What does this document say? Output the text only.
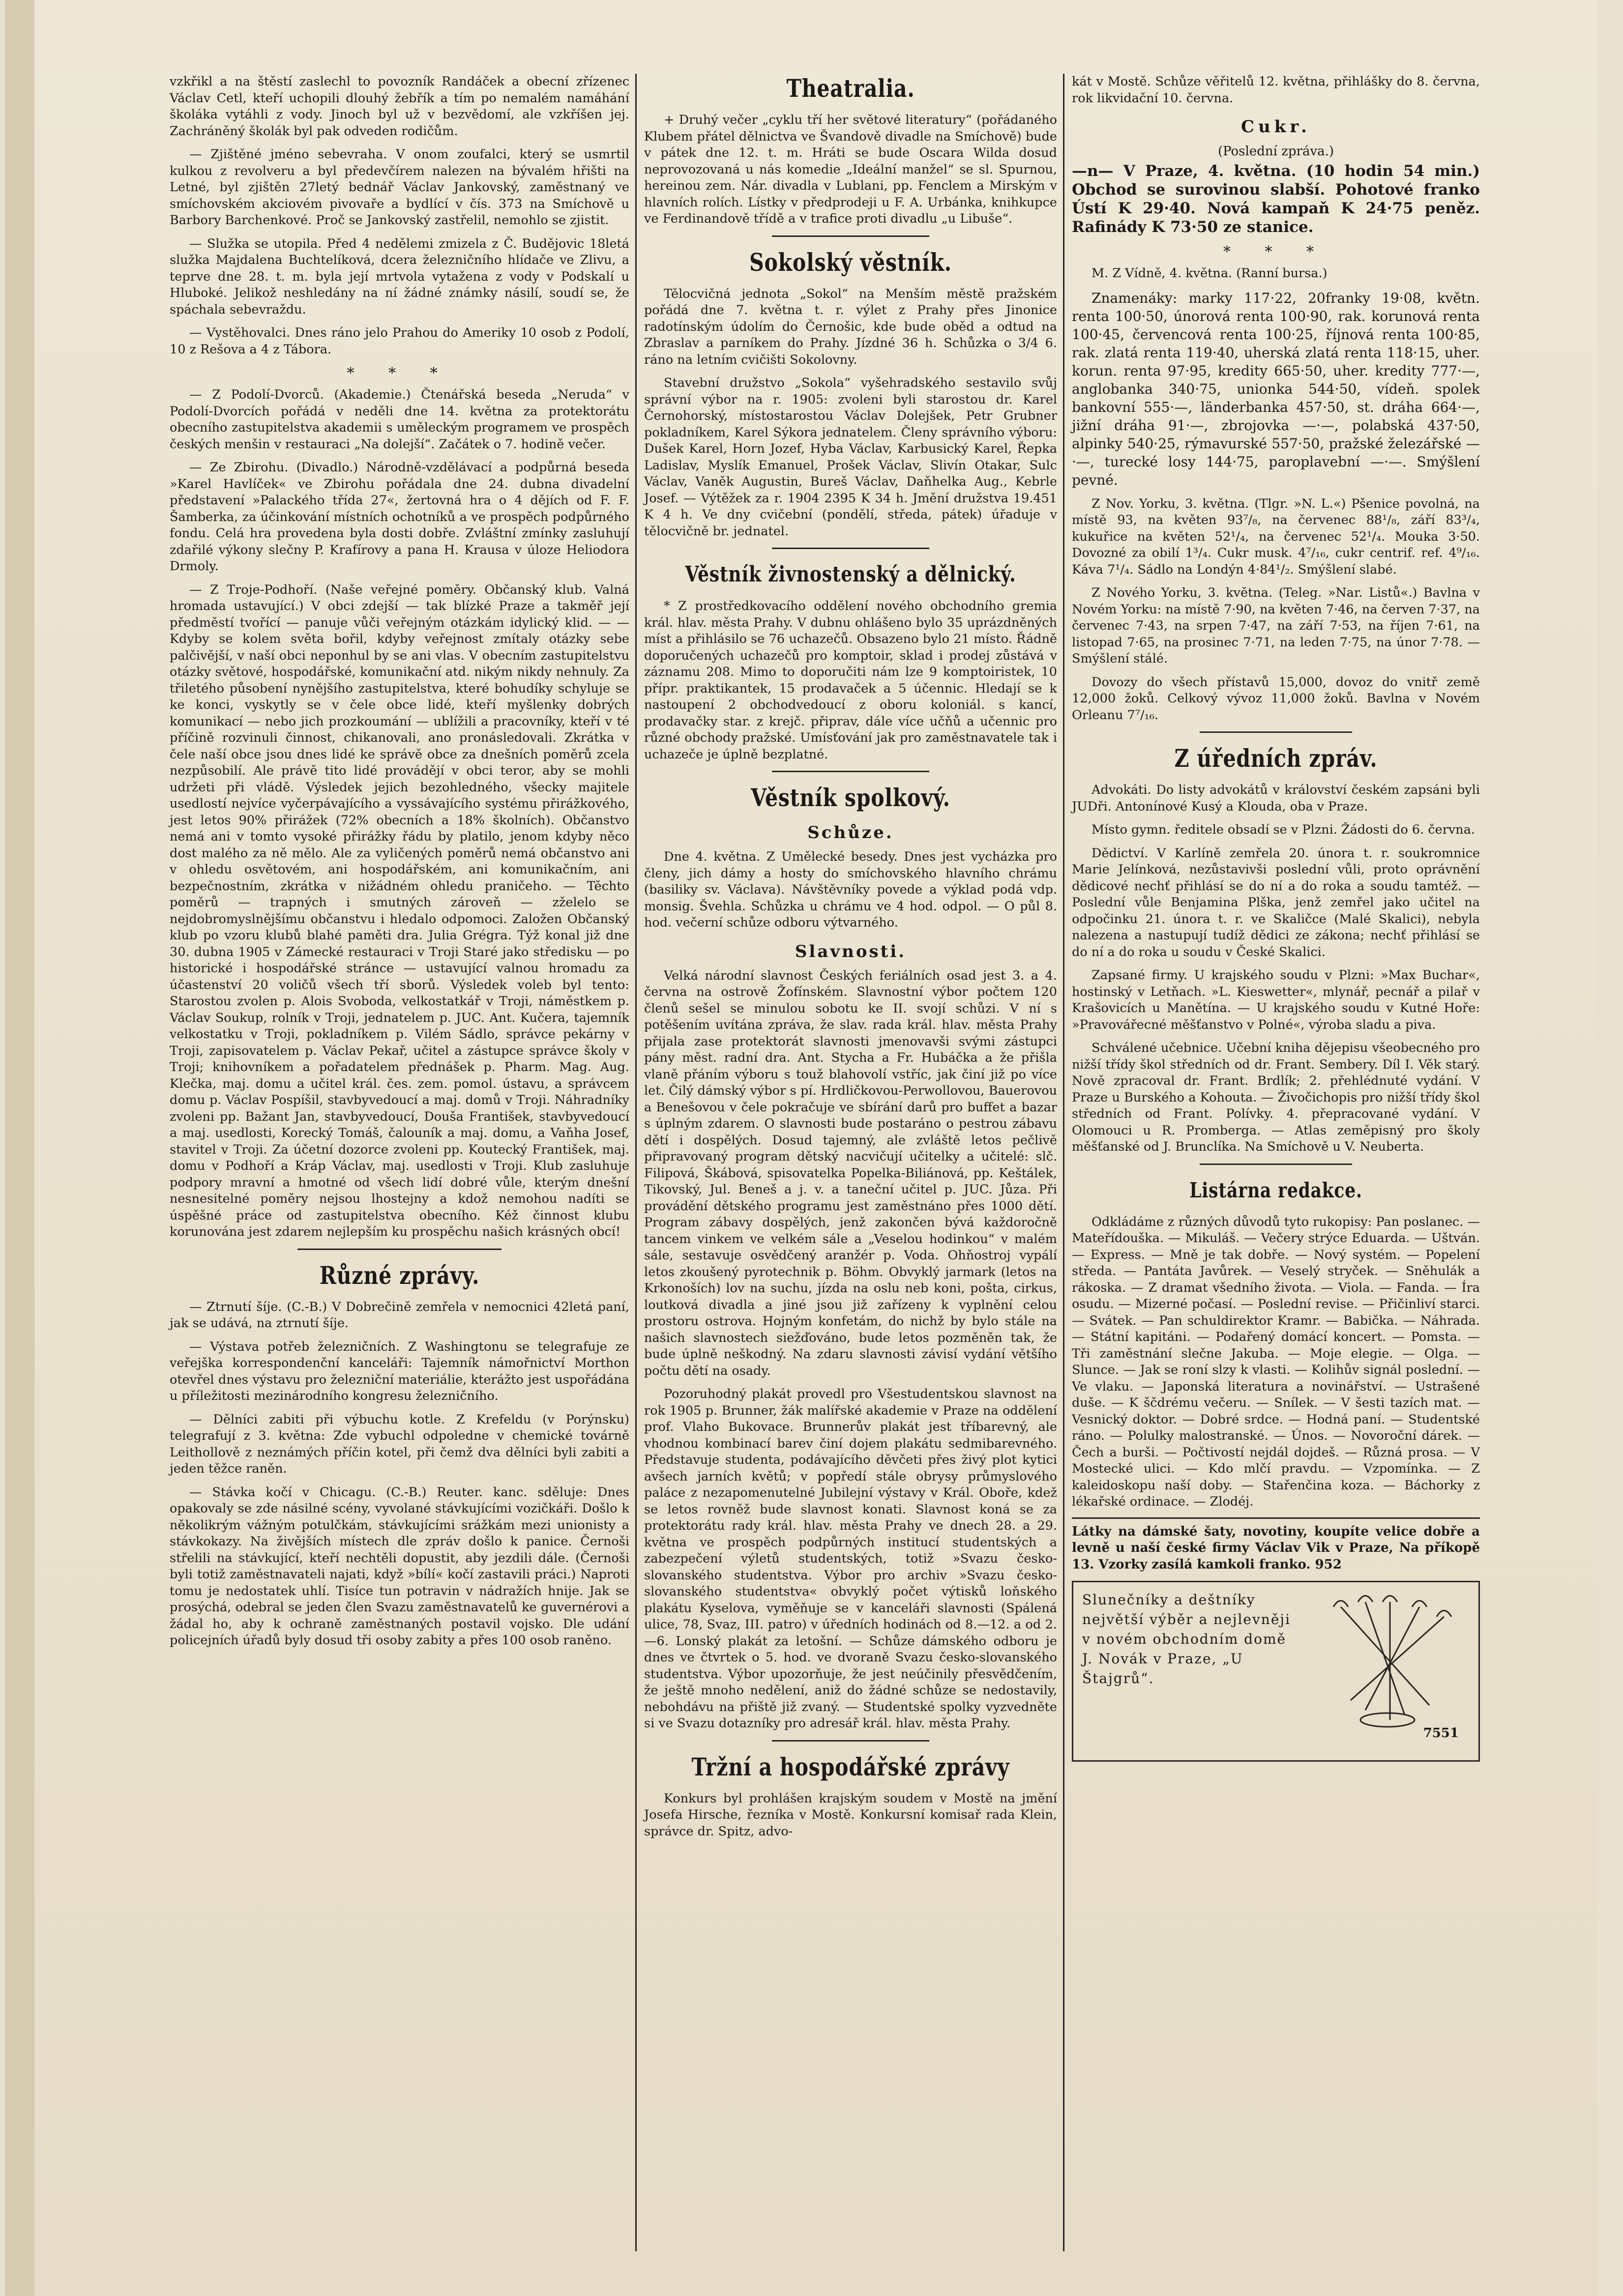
vzkřikl a na štěstí zaslechl to povozník Randáček a obecní zřízenec Václav Cetl, kteří uchopili dlouhý žebřík a tím po nemalém namáhání školáka vytáhli z vody. Jinoch byl už v bezvědomí, ale vzkříšen jej. Zachráněný školák byl pak odveden rodičům.

— Zjištěné jméno sebevraha. V onom zoufalci, který se usmrtil kulkou z revolveru a byl předevčírem nalezen na bývalém hřišti na Letné, byl zjištěn 27letý bednář Václav Jankovský, zaměstnaný ve smíchovském akciovém pivovaře a bydlící v čís. 373 na Smíchově u Barbory Barchenkové. Proč se Jankovský zastřelil, nemohlo se zjistit.

— Služka se utopila. Před 4 nedělemi zmizela z Č. Budějovic 18letá služka Majdalena Buchtelíková, dcera železničního hlídače ve Zlivu, a teprve dne 28. t. m. byla její mrtvola vytažena z vody v Podskalí u Hluboké. Jelikož neshledány na ní žádné známky násilí, soudí se, že spáchala sebevraždu.

— Vystěhovalci. Dnes ráno jelo Prahou do Ameriky 10 osob z Podolí, 10 z Rešova a 4 z Tábora.

* * *

— Z Podolí-Dvorců. (Akademie.) Čtenářská beseda „Neruda“ v Podolí-Dvorcích pořádá v neděli dne 14. května za protektorátu obecního zastupitelstva akademii s uměleckým programem ve prospěch českých menšin v restauraci „Na dolejší“. Začátek o 7. hodině večer.

— Ze Zbirohu. (Divadlo.) Národně-vzdělávací a podpůrná beseda »Karel Havlíček« ve Zbirohu pořádala dne 24. dubna divadelní představení »Palackého třída 27«, žertovná hra o 4 dějích od F. F. Šamberka, za účinkování místních ochotníků a ve prospěch podpůrného fondu. Celá hra provedena byla dosti dobře. Zvláštní zmínky zasluhují zdařilé výkony slečny P. Krafírovy a pana H. Krausa v úloze Heliodora Drmoly.

— Z Troje-Podhoří. (Naše veřejné poměry. Občanský klub. Valná hromada ustavující.) V obci zdejší — tak blízké Praze a takměř její předměstí tvořící — panuje vůči veřejným otázkám idylický klid. — — Kdyby se kolem světa bořil, kdyby veřejnost zmítaly otázky sebe palčivější, v naší obci neponhul by se ani vlas. V obecním zastupitelstvu otázky světové, hospodářské, komunikační atd. nikým nikdy nehnuly. Za třiletého působení nynějšího zastupitelstva, které bohudíky schyluje se ke konci, vyskytly se v čele obce lidé, kteří myšlenky dobrých komunikací — nebo jich prozkoumání — ublížili a pracovníky, kteří v té příčině rozvinuli činnost, chikanovali, ano pronásledovali. Zkrátka v čele naší obce jsou dnes lidé ke správě obce za dnešních poměrů zcela nezpůsobilí. Ale právě tito lidé provádějí v obci teror, aby se mohli udržeti při vládě. Výsledek jejich bezohledného, všecky majitele usedlostí nejvíce vyčerpávajícího a vyssávajícího systému přirážkového, jest letos 90% přirážek (72% obecních a 18% školních). Občanstvo nemá ani v tomto vysoké přirážky řádu by platilo, jenom kdyby něco dost malého za ně mělo. Ale za vyličených poměrů nemá občanstvo ani v ohledu osvětovém, ani hospodářském, ani komunikačním, ani bezpečnostním, zkrátka v nižádném ohledu praničeho. — Těchto poměrů — trapných i smutných zároveň — zželelo se nejdobromyslnějšímu občanstvu i hledalo odpomoci. Založen Občanský klub po vzoru klubů blahé paměti dra. Julia Grégra. Týž konal již dne 30. dubna 1905 v Zámecké restauraci v Troji Staré jako středisku — po historické i hospodářské stránce — ustavující valnou hromadu za účastenství 20 voličů všech tří sborů. Výsledek voleb byl tento: Starostou zvolen p. Alois Svoboda, velkostatkář v Troji, náměstkem p. Václav Soukup, rolník v Troji, jednatelem p. JUC. Ant. Kučera, tajemník velkostatku v Troji, pokladníkem p. Vilém Sádlo, správce pekárny v Troji, zapisovatelem p. Václav Pekař, učitel a zástupce správce školy v Troji; knihovníkem a pořadatelem přednášek p. Pharm. Mag. Aug. Klečka, maj. domu a učitel král. čes. zem. pomol. ústavu, a správcem domu p. Václav Pospíšil, stavbyvedoucí a maj. domů v Troji. Náhradníky zvoleni pp. Bažant Jan, stavbyvedoucí, Douša František, stavbyvedoucí a maj. usedlosti, Korecký Tomáš, čalouník a maj. domu, a Vaňha Josef, stavitel v Troji. Za účetní dozorce zvoleni pp. Koutecký František, maj. domu v Podhoří a Kráp Václav, maj. usedlosti v Troji. Klub zasluhuje podpory mravní a hmotné od všech lidí dobré vůle, kterým dnešní nesnesitelné poměry nejsou lhostejny a kdož nemohou nadíti se úspěšné práce od zastupitelstva obecního. Kéž činnost klubu korunována jest zdarem nejlepším ku prospěchu našich krásných obcí!

Různé zprávy.

— Ztrnutí šíje. (C.-B.) V Dobrečině zemřela v nemocnici 42letá paní, jak se udává, na ztrnutí šíje.

— Výstava potřeb železničních. Z Washingtonu se telegrafuje ze veřejška korrespondenční kanceláři: Tajemník námořnictví Morthon otevřel dnes výstavu pro železniční materiálie, kterážto jest uspořádána u příležitosti mezinárodního kongresu železničního.

— Dělníci zabiti při výbuchu kotle. Z Krefeldu (v Porýnsku) telegrafují z 3. května: Zde vybuchl odpoledne v chemické továrně Leithollově z neznámých příčin kotel, při čemž dva dělníci byli zabiti a jeden těžce raněn.

— Stávka kočí v Chicagu. (C.-B.) Reuter. kanc. sděluje: Dnes opakovaly se zde násilné scény, vyvolané stávkujícími vozičkáři. Došlo k několikrým vážným potulčkám, stávkujícími srážkám mezi unionisty a stávkokazy. Na živějších místech dle zpráv došlo k panice. Černoši střelili na stávkující, kteří nechtěli dopustit, aby jezdili dále. (Černoši byli totiž zaměstnavateli najati, když »bílí« kočí zastavili práci.) Naproti tomu je nedostatek uhlí. Tisíce tun potravin v nádražích hnije. Jak se prosýchá, odebral se jeden člen Svazu zaměstnavatelů ke guvernérovi a žádal ho, aby k ochraně zaměstnaných postavil vojsko. Dle udání policejních úřadů byly dosud tři osoby zabity a přes 100 osob raněno.

Theatralia.

+ Druhý večer „cyklu tří her světové literatury“ (pořádaného Klubem přátel dělnictva ve Švandově divadle na Smíchově) bude v pátek dne 12. t. m. Hráti se bude Oscara Wilda dosud neprovozovaná u nás komedie „Ideální manžel“ se sl. Spurnou, hereinou zem. Nár. divadla v Lublani, pp. Fenclem a Mirským v hlavních rolích. Lístky v předprodeji u F. A. Urbánka, knihkupce ve Ferdinandově třídě a v trafice proti divadlu „u Libuše“.

Sokolský věstník.

Tělocvičná jednota „Sokol“ na Menším městě pražském pořádá dne 7. května t. r. výlet z Prahy přes Jinonice radotínským údolím do Černošic, kde bude oběd a odtud na Zbraslav a parníkem do Prahy. Jízdné 36 h. Schůzka o 3/4 6. ráno na letním cvičišti Sokolovny.

Stavební družstvo „Sokola“ vyšehradského sestavilo svůj správní výbor na r. 1905: zvoleni byli starostou dr. Karel Černohorský, místostarostou Václav Dolejšek, Petr Grubner pokladníkem, Karel Sýkora jednatelem. Členy správního výboru: Dušek Karel, Horn Jozef, Hyba Václav, Karbusický Karel, Řepka Ladislav, Myslík Emanuel, Prošek Václav, Slivín Otakar, Sulc Václav, Vaněk Augustin, Bureš Václav, Daňhelka Aug., Kebrle Josef. — Výtěžek za r. 1904 2395 K 34 h. Jmění družstva 19.451 K 4 h. Ve dny cvičební (pondělí, středa, pátek) úřaduje v tělocvičně br. jednatel.

Věstník živnostenský a dělnický.

* Z prostředkovacího oddělení nového obchodního gremia král. hlav. města Prahy. V dubnu ohlášeno bylo 35 uprázdněných míst a přihlásilo se 76 uchazečů. Obsazeno bylo 21 místo. Řádně doporučených uchazečů pro komptoir, sklad i prodej zůstává v záznamu 208. Mimo to doporučiti nám lze 9 komptoiristek, 10 přípr. praktikantek, 15 prodavaček a 5 účennic. Hledají se k nastoupení 2 obchodvedoucí z oboru koloniál. s kancí, prodavačky star. z krejč. připrav, dále více učňů a učennic pro různé obchody pražské. Umísťování jak pro zaměstnavatele tak i uchazeče je úplně bezplatné.

Věstník spolkový.
Schůze.

Dne 4. května. Z Umělecké besedy. Dnes jest vycházka pro členy, jich dámy a hosty do smíchovského hlavního chrámu (basiliky sv. Václava). Návštěvníky povede a výklad podá vdp. monsig. Švehla. Schůzka u chrámu ve 4 hod. odpol. — O půl 8. hod. večerní schůze odboru výtvarného.

Slavnosti.

Velká národní slavnost Českých feriálních osad jest 3. a 4. června na ostrově Žofínském. Slavnostní výbor počtem 120 členů sešel se minulou sobotu ke II. svojí schůzi. V ní s potěšením uvítána zpráva, že slav. rada král. hlav. města Prahy přijala zase protektorát slavnosti jmenovavši svými zástupci pány měst. radní dra. Ant. Stycha a Fr. Hubáčka a že přišla vlaně přáním výboru s touž blahovolí vstříc, jak činí již po více let. Čilý dámský výbor s pí. Hrdličkovou-Perwollovou, Bauerovou a Benešovou v čele pokračuje ve sbírání darů pro buffet a bazar s úplným zdarem. O slavnosti bude postaráno o pestrou zábavu dětí i dospělých. Dosud tajemný, ale zvláště letos pečlivě připravovaný program dětský nacvičují učitelky a učitelé: slč. Filipová, Škábová, spisovatelka Popelka-Biliánová, pp. Keštálek, Tikovský, Jul. Beneš a j. v. a taneční učitel p. JUC. Jůza. Při provádění dětského programu jest zaměstnáno přes 1000 dětí. Program zábavy dospělých, jenž zakončen bývá každoročně tancem vinkem ve velkém sále a „Veselou hodinkou“ v malém sále, sestavuje osvědčený aranžér p. Voda. Ohňostroj vypálí letos zkoušený pyrotechnik p. Böhm. Obvyklý jarmark (letos na Krkonoších) lov na suchu, jízda na oslu neb koni, pošta, cirkus, loutková divadla a jiné jsou již zařízeny k vyplnění celou prostoru ostrova. Hojným konfetám, do nichž by bylo stále na našich slavnostech siežďováno, bude letos pozměněn tak, že bude úplně neškodný. Na zdaru slavnosti závisí vydání většího počtu dětí na osady.

Pozoruhodný plakát provedl pro Všestudentskou slavnost na rok 1905 p. Brunner, žák malířské akademie v Praze na oddělení prof. Vlaho Bukovace. Brunnerův plakát jest tříbarevný, ale vhodnou kombinací barev činí dojem plakátu sedmibarevného. Představuje studenta, podávajícího děvčeti přes živý plot kytici avšech jarních květů; v popředí stále obrysy průmyslového paláce z nezapomenutelné Jubilejní výstavy v Král. Oboře, kdež se letos rovněž bude slavnost konati. Slavnost koná se za protektorátu rady král. hlav. města Prahy ve dnech 28. a 29. května ve prospěch podpůrných institucí studentských a zabezpečení výletů studentských, totiž »Svazu česko-slovanského studentstva. Výbor pro archiv »Svazu česko-slovanského studentstva« obvyklý počet výtisků loňského plakátu Kyselova, vyměňuje se v kanceláři slavnosti (Spálená ulice, 78, Svaz, III. patro) v úředních hodinách od 8.—12. a od 2.—6. Lonský plakát za letošní. — Schůze dámského odboru je dnes ve čtvrtek o 5. hod. ve dvoraně Svazu česko-slovanského studentstva. Výbor upozorňuje, že jest neúčinily přesvědčením, že ještě mnoho nedělení, aniž do žádné schůze se nedostavily, nebohdávu na přiště již zvaný. — Studentské spolky vyzvedněte si ve Svazu dotazníky pro adresář král. hlav. města Prahy.

Tržní a hospodářské zprávy

Konkurs byl prohlášen krajským soudem v Mostě na jmění Josefa Hirsche, řezníka v Mostě. Konkursní komisař rada Klein, správce dr. Spitz, advo-

kát v Mostě. Schůze věřitelů 12. května, přihlášky do 8. června, rok likvidační 10. června.

Cukr.
(Poslední zpráva.)

—n— V Praze, 4. května. (10 hodin 54 min.) Obchod se surovinou slabší. Pohotové franko Ústí K 29·40. Nová kampaň K 24·75 peněz. Rafinády K 73·50 ze stanice.

* * *

M. Z Vídně, 4. května. (Ranní bursa.)

Znamenáky: marky 117·22, 20franky 19·08, květn. renta 100·50, únorová renta 100·90, rak. korunová renta 100·45, červencová renta 100·25, říjnová renta 100·85, rak. zlatá renta 119·40, uherská zlatá renta 118·15, uher. korun. renta 97·95, kredity 665·50, uher. kredity 777·—, anglobanka 340·75, unionka 544·50, vídeň. spolek bankovní 555·—, länderbanka 457·50, st. dráha 664·—, jižní dráha 91·—, zbrojovka —·—, polabská 437·50, alpinky 540·25, rýmavurské 557·50, pražské železářské —·—, turecké losy 144·75, paroplavební —·—. Smýšlení pevné.

Z Nov. Yorku, 3. května. (Tlgr. »N. L.«) Pšenice povolná, na místě 93, na květen 93⁷/₈, na červenec 88¹/₈, září 83³/₄, kukuřice na květen 52¹/₄, na červenec 52¹/₄. Mouka 3·50. Dovozné za obilí 1³/₄. Cukr musk. 4⁷/₁₆, cukr centrif. ref. 4⁹/₁₆. Káva 7¹/₄. Sádlo na Londýn 4·84¹/₂. Smýšlení slabé.

Z Nového Yorku, 3. května. (Teleg. »Nar. Listů«.) Bavlna v Novém Yorku: na místě 7·90, na květen 7·46, na červen 7·37, na červenec 7·43, na srpen 7·47, na září 7·53, na říjen 7·61, na listopad 7·65, na prosinec 7·71, na leden 7·75, na únor 7·78. — Smýšlení stálé.

Dovozy do všech přístavů 15,000, dovoz do vnitř země 12,000 žoků. Celkový vývoz 11,000 žoků. Bavlna v Novém Orleanu 7⁷/₁₆.

Z úředních zpráv.

Advokáti. Do listy advokátů v království českém zapsáni byli JUDři. Antonínové Kusý a Klouda, oba v Praze.

Místo gymn. ředitele obsadí se v Plzni. Žádosti do 6. června.

Dědictví. V Karlíně zemřela 20. února t. r. soukromnice Marie Jelínková, nezůstavivši poslední vůli, proto oprávnění dědicové nechť přihlásí se do ní a do roka a soudu tamtéž. — Poslední vůle Benjamina Plška, jenž zemřel jako učitel na odpočinku 21. února t. r. ve Skaličce (Malé Skalici), nebyla nalezena a nastupují tudíž dědici ze zákona; nechť přihlásí se do ní a do roka u soudu v České Skalici.

Zapsané firmy. U krajského soudu v Plzni: »Max Buchar«, hostinský v Letňach. »L. Kieswetter«, mlynář, pecnář a pilař v Krašovicích u Manětína. — U krajského soudu v Kutné Hoře: »Pravovářecné měšťanstvo v Polné«, výroba sladu a piva.

Schválené učebnice. Učební kniha dějepisu všeobecného pro nižší třídy škol středních od dr. Frant. Sembery. Díl I. Věk starý. Nově zpracoval dr. Frant. Brdlík; 2. přehlédnuté vydání. V Praze u Burského a Kohouta. — Živočichopis pro nižší třídy škol středních od Frant. Polívky. 4. přepracované vydání. V Olomouci u R. Promberga. — Atlas zeměpisný pro školy měšťanské od J. Brunclíka. Na Smíchově u V. Neuberta.

Listárna redakce.

Odkládáme z různých důvodů tyto rukopisy: Pan poslanec. — Mateřídouška. — Mikuláš. — Večery strýce Eduarda. — Uštván. — Express. — Mně je tak dobře. — Nový systém. — Popelení středa. — Pantáta Javůrek. — Veselý stryček. — Sněhulák a rákoska. — Z dramat všedního života. — Viola. — Fanda. — Íra osudu. — Mizerné počasí. — Poslední revise. — Přičinliví starci. — Svátek. — Pan schuldirektor Kramr. — Babička. — Náhrada. — Státní kapitáni. — Podařený domácí koncert. — Pomsta. — Tři zaměstnání slečne Jakuba. — Moje elegie. — Olga. — Slunce. — Jak se roní slzy k vlasti. — Kolihův signál poslední. — Ve vlaku. — Japonská literatura a novinářství. — Ustrašené duše. — K ščdrému večeru. — Snílek. — V šesti tazích mat. — Vesnický doktor. — Dobré srdce. — Hodná paní. — Studentské ráno. — Polulky malostranské. — Únos. — Novoroční dárek. — Čech a burši. — Počtivostí nejdál dojdeš. — Různá prosa. — V Mostecké ulici. — Kdo mlčí pravdu. — Vzpomínka. — Z kaleidoskopu naší doby. — Stařenčina koza. — Báchorky z lékařské ordinace. — Zlodéj.

Látky na dámské šaty, novotiny, koupíte velice dobře a levně u naší české firmy Václav Vik v Praze, Na příkopě 13. Vzorky zasílá kamkoli franko. 952

Slunečníky a deštníky největší výběr a nejlevněji v novém obchodním domě J. Novák v Praze, „U Štajgrů“.
7551
